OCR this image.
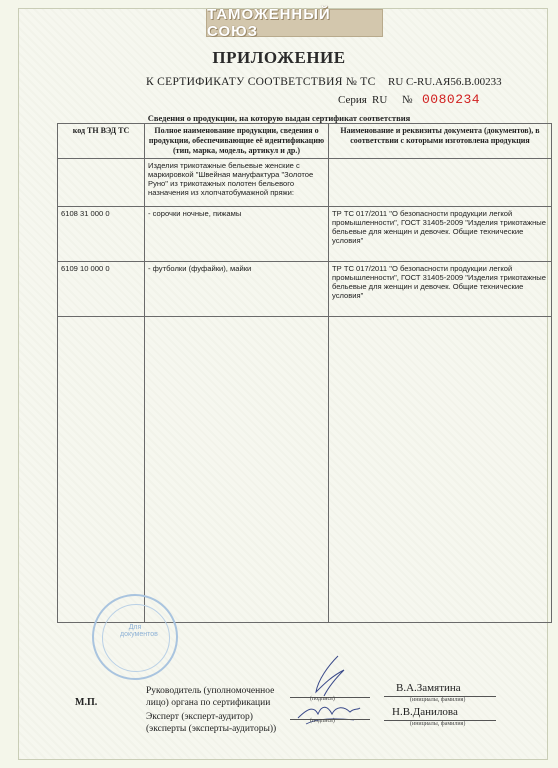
ТАМОЖЕННЫЙ СОЮЗ
ПРИЛОЖЕНИЕ
К СЕРТИФИКАТУ СООТВЕТСТВИЯ № ТС RU C-RU.АЯ56.В.00233
Серия RU № 0080234
Сведения о продукции, на которую выдан сертификат соответствия
код ТН ВЭД ТС	Полное наименование продукции, сведения о продукции, обеспечивающие её идентификацию (тип, марка, модель, артикул и др.)	Наименование и реквизиты документа (документов), в соответствии с которыми изготовлена продукция
	Изделия трикотажные бельевые женские с маркировкой "Швейная мануфактура "Золотое Руно" из трикотажных полотен бельевого назначения из хлопчатобумажной пряжи:	
6108 31 000 0	- сорочки ночные, пижамы	ТР ТС 017/2011 "О безопасности продукции легкой промышленности", ГОСТ 31405-2009 "Изделия трикотажные бельевые для женщин и девочек. Общие технические условия"
6109 10 000 0	- футболки (фуфайки), майки	ТР ТС 017/2011 "О безопасности продукции легкой промышленности", ГОСТ 31405-2009 "Изделия трикотажные бельевые для женщин и девочек. Общие технические условия"

Для документов
М.П.
Руководитель (уполномоченное лицо) органа по сертификации
Эксперт (эксперт-аудитор) (эксперты (эксперты-аудиторы))
(подпись)
(подпись)
В.А.Замятина
(инициалы, фамилия)
Н.В.Данилова
(инициалы, фамилия)
